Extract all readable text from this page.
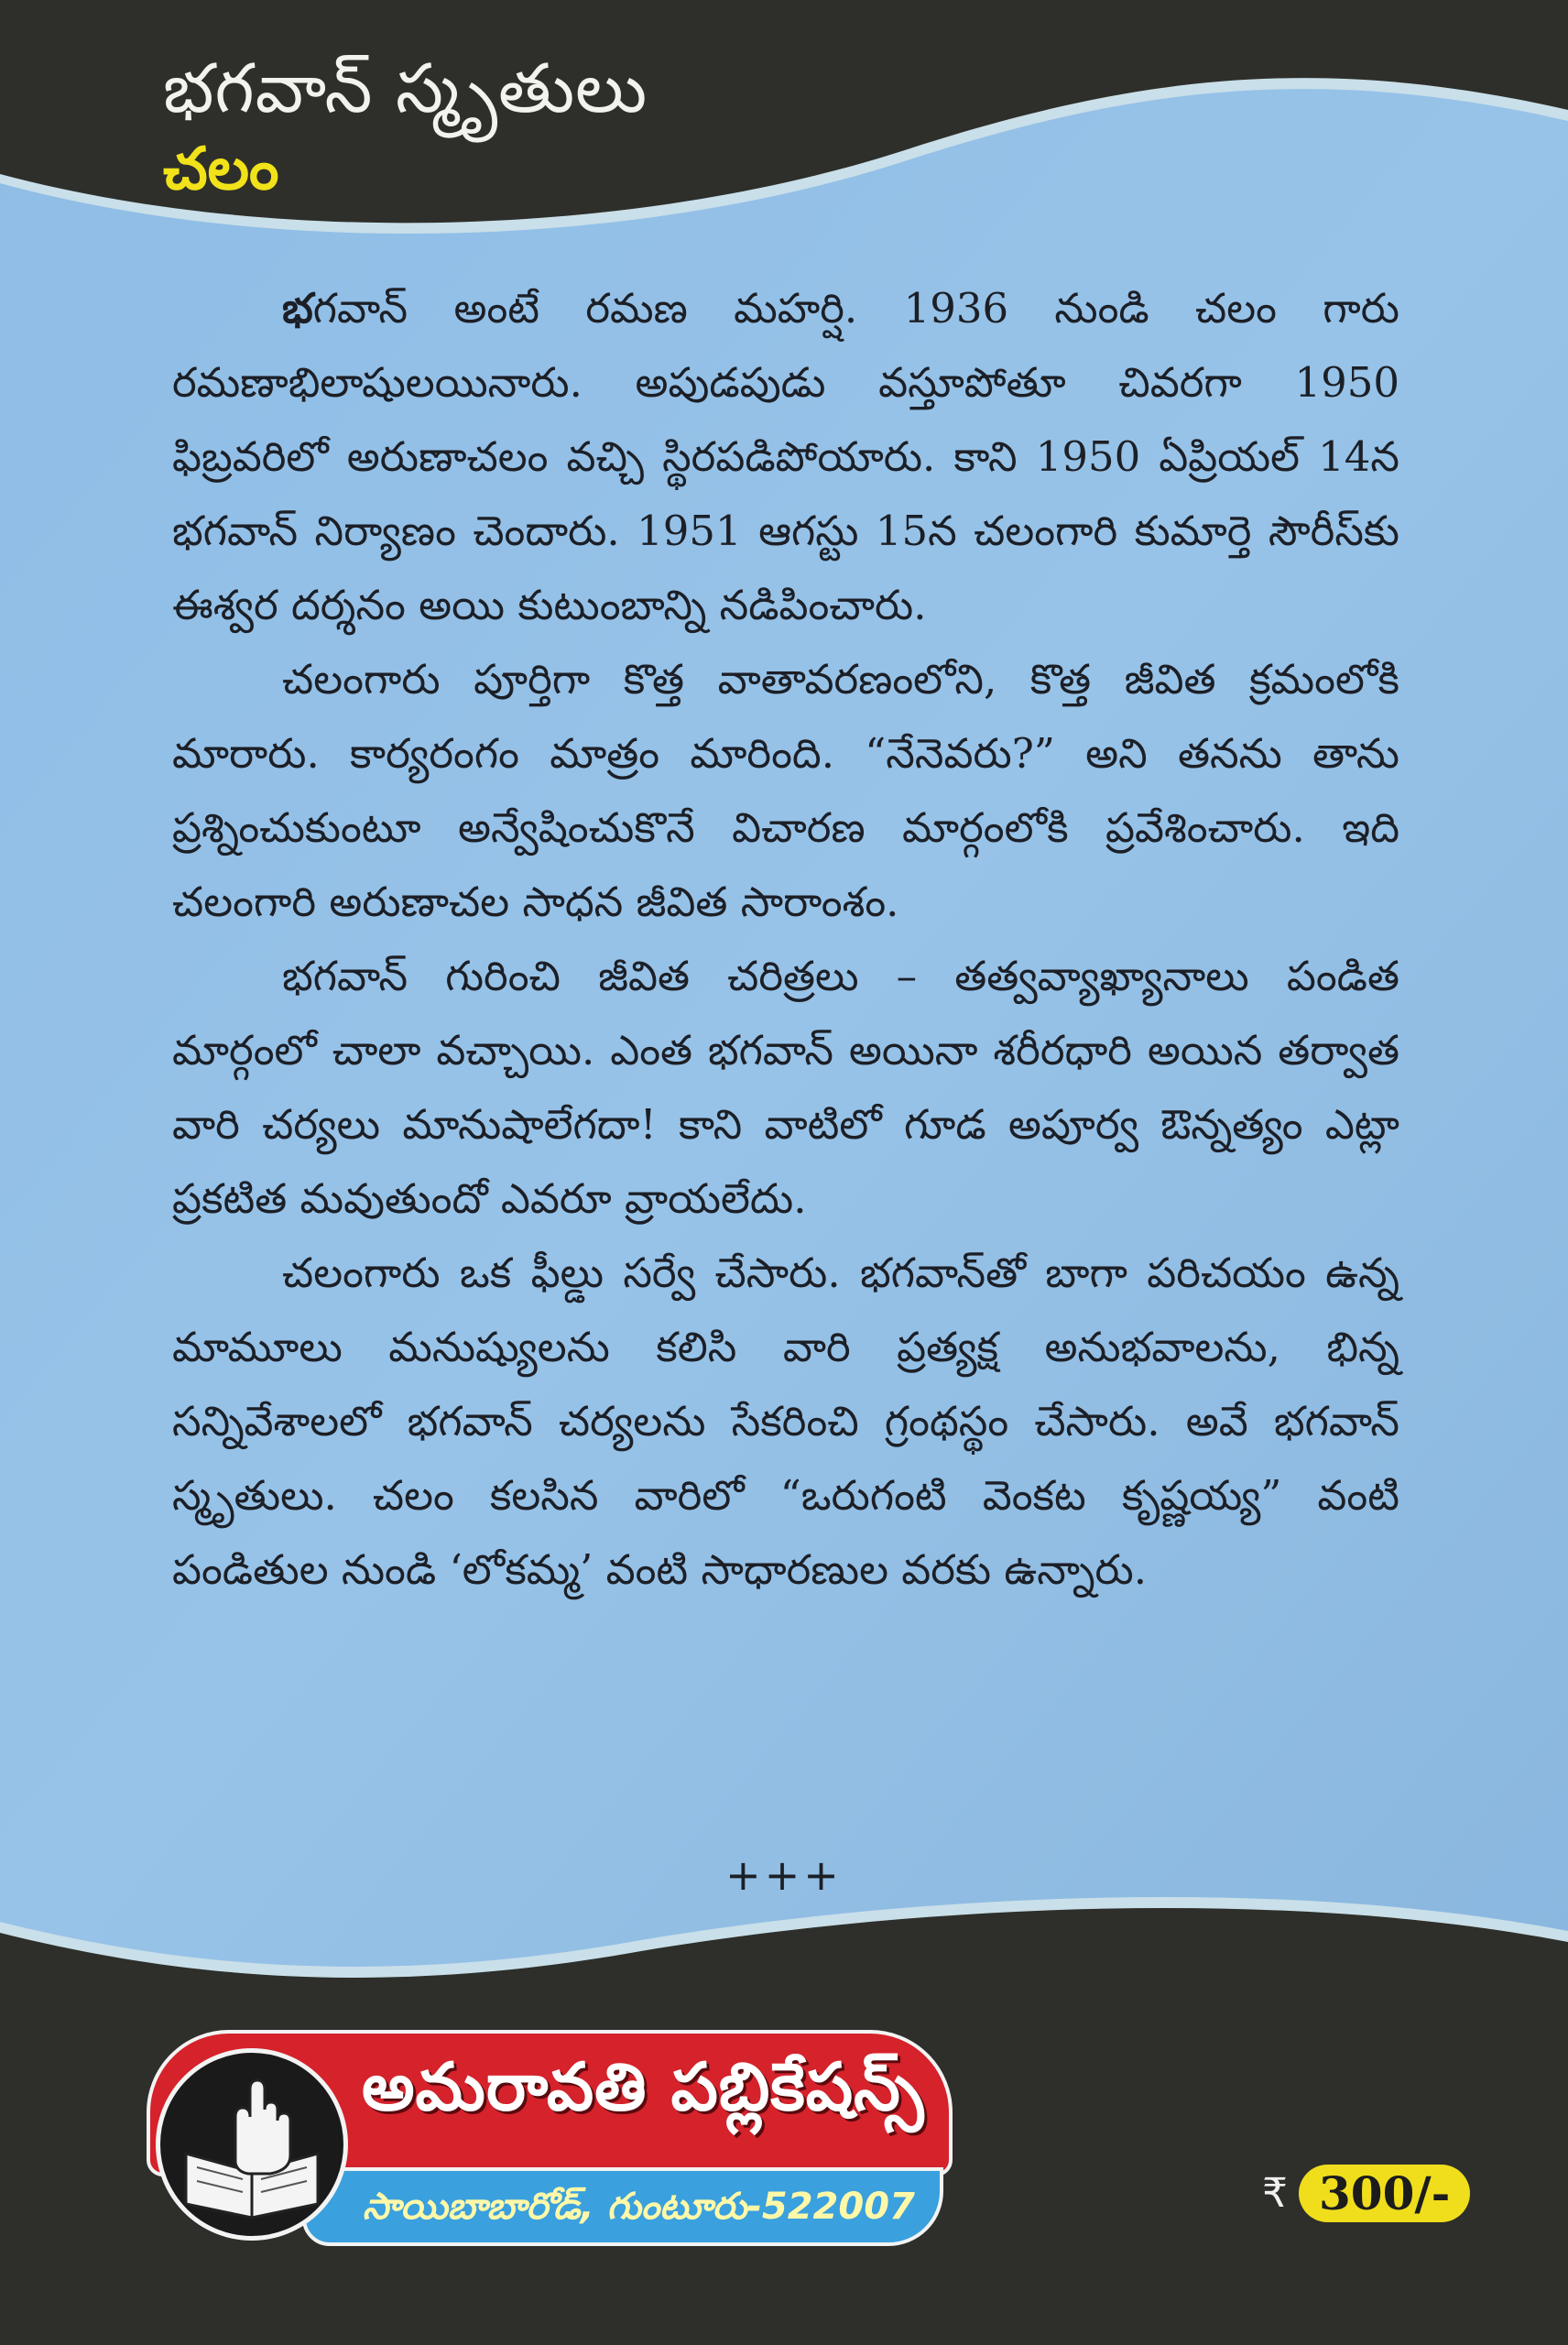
భగవాన్ స్మృతులు
చలం

భగవాన్ అంటే రమణ మహర్షి. 1936 నుండి చలం గారు రమణాభిలాషులయినారు. అపుడపుడు వస్తూపోతూ చివరగా 1950 ఫిబ్రవరిలో అరుణాచలం వచ్చి స్థిరపడిపోయారు. కాని 1950 ఏప్రియల్ 14న భగవాన్ నిర్యాణం చెందారు. 1951 ఆగస్టు 15న చలంగారి కుమార్తె సౌరీస్‌కు ఈశ్వర దర్శనం అయి కుటుంబాన్ని నడిపించారు.

చలంగారు పూర్తిగా కొత్త వాతావరణంలోని, కొత్త జీవిత క్రమంలోకి మారారు. కార్యరంగం మాత్రం మారింది. “నేనెవరు?” అని తనను తాను ప్రశ్నించుకుంటూ అన్వేషించుకొనే విచారణ మార్గంలోకి ప్రవేశించారు. ఇది చలంగారి అరుణాచల సాధన జీవిత సారాంశం.

భగవాన్ గురించి జీవిత చరిత్రలు – తత్వవ్యాఖ్యానాలు పండిత మార్గంలో చాలా వచ్చాయి. ఎంత భగవాన్ అయినా శరీరధారి అయిన తర్వాత వారి చర్యలు మానుషాలేగదా! కాని వాటిలో గూడ అపూర్వ ఔన్నత్యం ఎట్లా ప్రకటిత మవుతుందో ఎవరూ వ్రాయలేదు.

చలంగారు ఒక ఫీల్డు సర్వే చేసారు. భగవాన్‌తో బాగా పరిచయం ఉన్న మామూలు మనుష్యులను కలిసి వారి ప్రత్యక్ష అనుభవాలను, భిన్న సన్నివేశాలలో భగవాన్ చర్యలను సేకరించి గ్రంథస్థం చేసారు. అవే భగవాన్ స్మృతులు. చలం కలసిన వారిలో “ఒరుగంటి వెంకట కృష్ణయ్య” వంటి పండితుల నుండి ‘లోకమ్మ’ వంటి సాధారణుల వరకు ఉన్నారు.

+++
అమరావతి పబ్లికేషన్స్
సాయిబాబారోడ్, గుంటూరు-522007	₹ 300/-
